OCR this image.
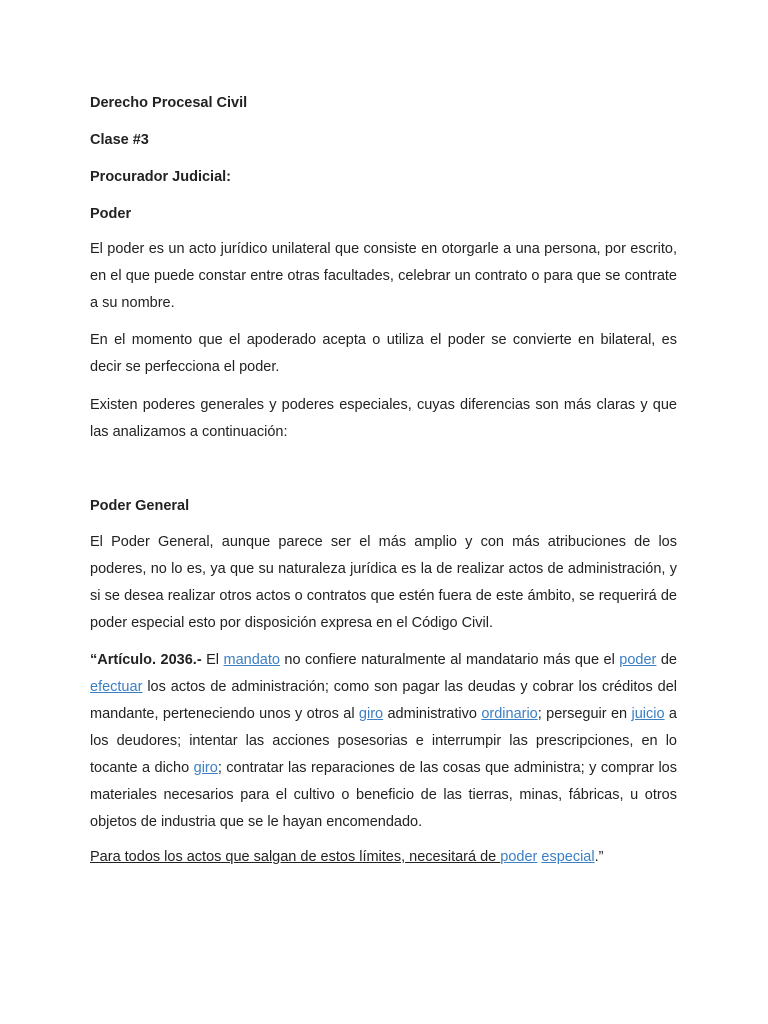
Derecho Procesal Civil

Clase #3

Procurador Judicial:

Poder

El poder es un acto jurídico unilateral que consiste en otorgarle a una persona, por escrito, en el que puede constar entre otras facultades, celebrar un contrato o para que se contrate a su nombre.

En el momento que el apoderado acepta o utiliza el poder se convierte en bilateral, es decir se perfecciona el poder.

Existen poderes generales y poderes especiales, cuyas diferencias son más claras y que las analizamos a continuación:

Poder General

El Poder General, aunque parece ser el más amplio y con más atribuciones de los poderes, no lo es, ya que su naturaleza jurídica es la de realizar actos de administración, y si se desea realizar otros actos o contratos que estén fuera de este ámbito, se requerirá de poder especial esto por disposición expresa en el Código Civil.

“Artículo. 2036.- El mandato no confiere naturalmente al mandatario más que el poder de efectuar los actos de administración; como son pagar las deudas y cobrar los créditos del mandante, perteneciendo unos y otros al giro administrativo ordinario; perseguir en juicio a los deudores; intentar las acciones posesorias e interrumpir las prescripciones, en lo tocante a dicho giro; contratar las reparaciones de las cosas que administra; y comprar los materiales necesarios para el cultivo o beneficio de las tierras, minas, fábricas, u otros objetos de industria que se le hayan encomendado.

Para todos los actos que salgan de estos límites, necesitará de poder especial.”
